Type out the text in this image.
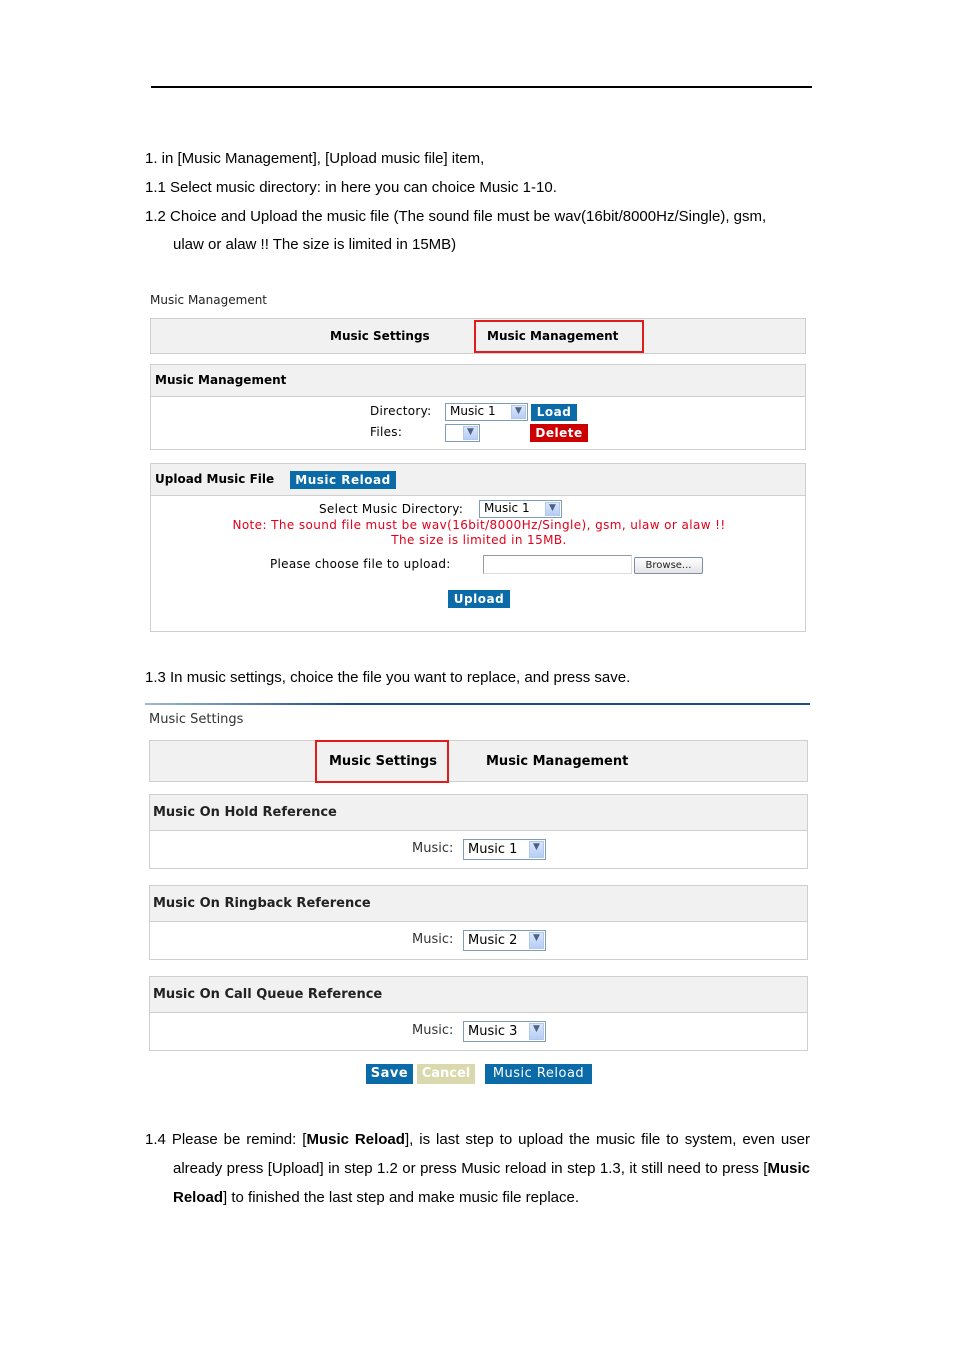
1. in [Music Management], [Upload music file] item,
1.1 Select music directory: in here you can choice Music 1-10.
1.2 Choice and Upload the music file (The sound file must be wav(16bit/8000Hz/Single), gsm,
ulaw or alaw !! The size is limited in 15MB)
Music Management
Music Settings	Music Management
Music Management
Directory: Music 1	▼	Load
Files:	▼	Delete
Upload Music File	Music Reload
Select Music Directory: Music 1	▼
Note: The sound file must be wav(16bit/8000Hz/Single), gsm, ulaw or alaw !!
The size is limited in 15MB.
Please choose file to upload:	Browse...
Upload
1.3 In music settings, choice the file you want to replace, and press save.
Music Settings
Music Settings	Music Management
Music On Hold Reference
Music: Music 1	▼
Music On Ringback Reference
Music: Music 2	▼
Music On Call Queue Reference
Music: Music 3	▼
Save	Cancel	Music Reload
1.4 Please be remind: [Music Reload], is last step to upload the music file to system, even user already press [Upload] in step 1.2 or press Music reload in step 1.3, it still need to press [Music Reload] to finished the last step and make music file replace.
